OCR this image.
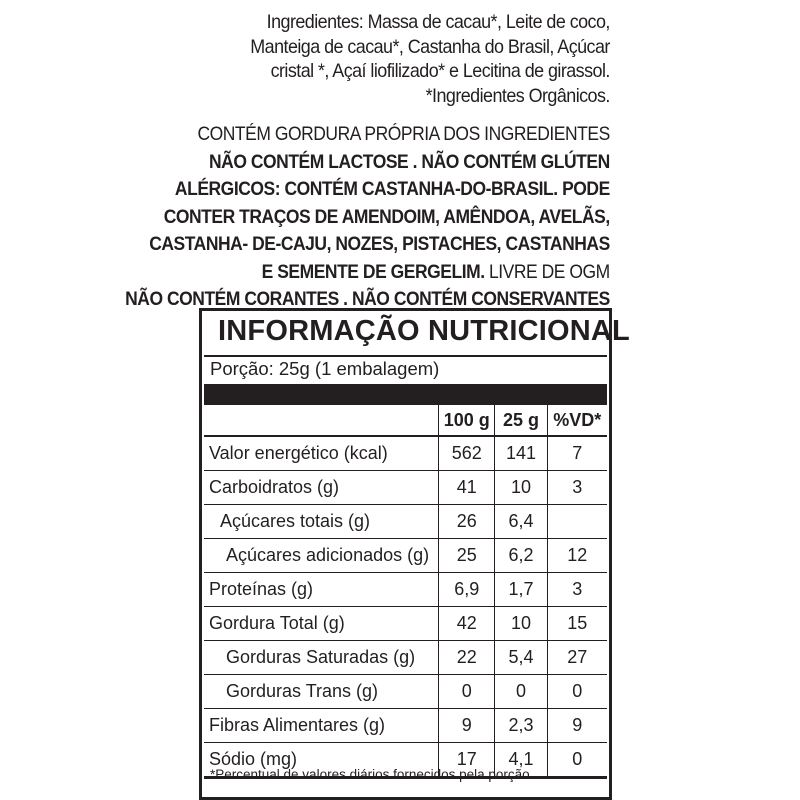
Ingredientes: Massa de cacau*, Leite de coco,
Manteiga de cacau*, Castanha do Brasil, Açúcar
cristal *, Açaí liofilizado* e Lecitina de girassol.
*Ingredientes Orgânicos.
CONTÉM GORDURA PRÓPRIA DOS INGREDIENTES
NÃO CONTÉM LACTOSE . NÃO CONTÉM GLÚTEN
ALÉRGICOS: CONTÉM CASTANHA-DO-BRASIL. PODE
CONTER TRAÇOS DE AMENDOIM, AMÊNDOA, AVELÃS,
CASTANHA- DE-CAJU, NOZES, PISTACHES, CASTANHAS
E SEMENTE DE GERGELIM. LIVRE DE OGM
NÃO CONTÉM CORANTES . NÃO CONTÉM CONSERVANTES
INFORMAÇÃO NUTRICIONAL
Porção: 25g (1 embalagem)
	100 g	25 g	%VD*
Valor energético (kcal)	562	141	7
Carboidratos (g)	41	10	3
Açúcares totais (g)	26	6,4	
Açúcares adicionados (g)	25	6,2	12
Proteínas (g)	6,9	1,7	3
Gordura Total (g)	42	10	15
Gorduras Saturadas (g)	22	5,4	27
Gorduras Trans (g)	0	0	0
Fibras Alimentares (g)	9	2,3	9
Sódio (mg)	17	4,1	0
*Percentual de valores diários fornecidos pela porção.
